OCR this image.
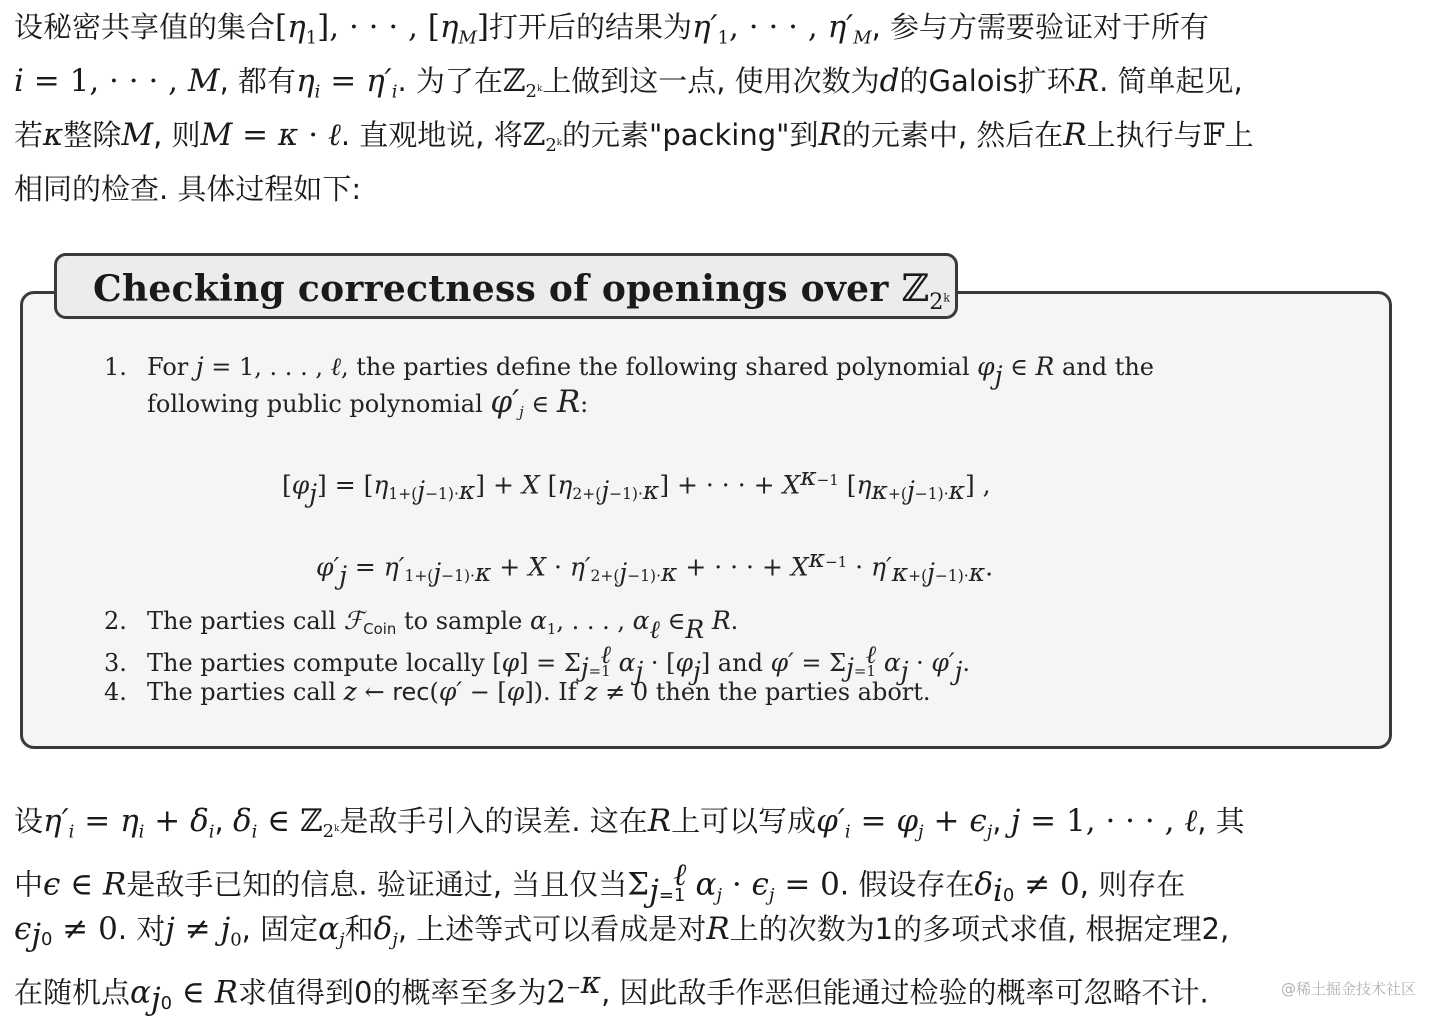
设秘密共享值的集合$[\eta_1]$, · · · , $[\eta_M]$打开后的结果为$\eta'_1$, · · · , $\eta'_M$, 参与方需要验证对于所有
i = 1, · · · , M, 都有$\eta_i = \eta'_i$. 为了在ℤ$_{2^k}$上做到这一点, 使用次数为d的Galois扩环R. 简单起见,
若κ整除M, 则M = κ · ℓ. 直观地说, 将ℤ$_{2^k}$的元素"packing"到R的元素中, 然后在R上执行与𝔽上
相同的检查. 具体过程如下:
Checking correctness of openings over ℤ$_{2^k}$
1. For j = 1, . . . , ℓ, the parties define the following shared polynomial φj ∈ R and the
following public polynomial $\varphi'_j$ ∈ R:
$[\varphi j] = [\eta_{1+(j-1)\cdot\kappa}] + X$ $[\eta_{2+(j-1)\cdot\kappa}]$ + · · · + $X^{\kappa-1}$ $[\eta_{\kappa+(j-1)\cdot\kappa}]$ ,
$\varphi'j = \eta'_{1+(j-1)\cdot\kappa} + X \cdot \eta'_{2+(j-1)\cdot\kappa}$ + · · · + $X^{\kappa-1} \cdot \eta'_{\kappa+(j-1)\cdot\kappa}$.
2. The parties call ℱ$_{Coin}$ to sample $\alpha_1$, . . . , αℓ ∈R R.
3. The parties compute locally $[\varphi] = \Sigma_{j=1}^\ell$ αj · [φj] and $\varphi' = \Sigma_{j=1}^\ell$ αj · φ′j.
4. The parties call z ← rec(φ′ − [φ]). If z ≠ 0 then the parties abort.
设$\eta'_i = \eta_i + \delta_i$, $\delta_i$ ∈ ℤ$_{2^k}$是敌手引入的误差. 这在R上可以写成$\varphi'_i = \varphi_j + \epsilon_j$, j = 1, · · · , ℓ, 其
中ϵ ∈ R是敌手已知的信息. 验证通过, 当且仅当$\Sigma_{j=1}^\ell$ $\alpha_j \cdot \epsilon_j = 0$. 假设存在$\delta_{i0} \ne 0$, 则存在
$\epsilon_{j0} \ne 0$. 对$j \ne j_0$, 固定$\alpha_j$和$\delta_j$, 上述等式可以看成是对R上的次数为1的多项式求值, 根据定理2,
在随机点$\alpha_{j0}$ ∈ R求值得到0的概率至多为$2^{-\kappa}$, 因此敌手作恶但能通过检验的概率可忽略不计.	@稀土掘金技术社区
